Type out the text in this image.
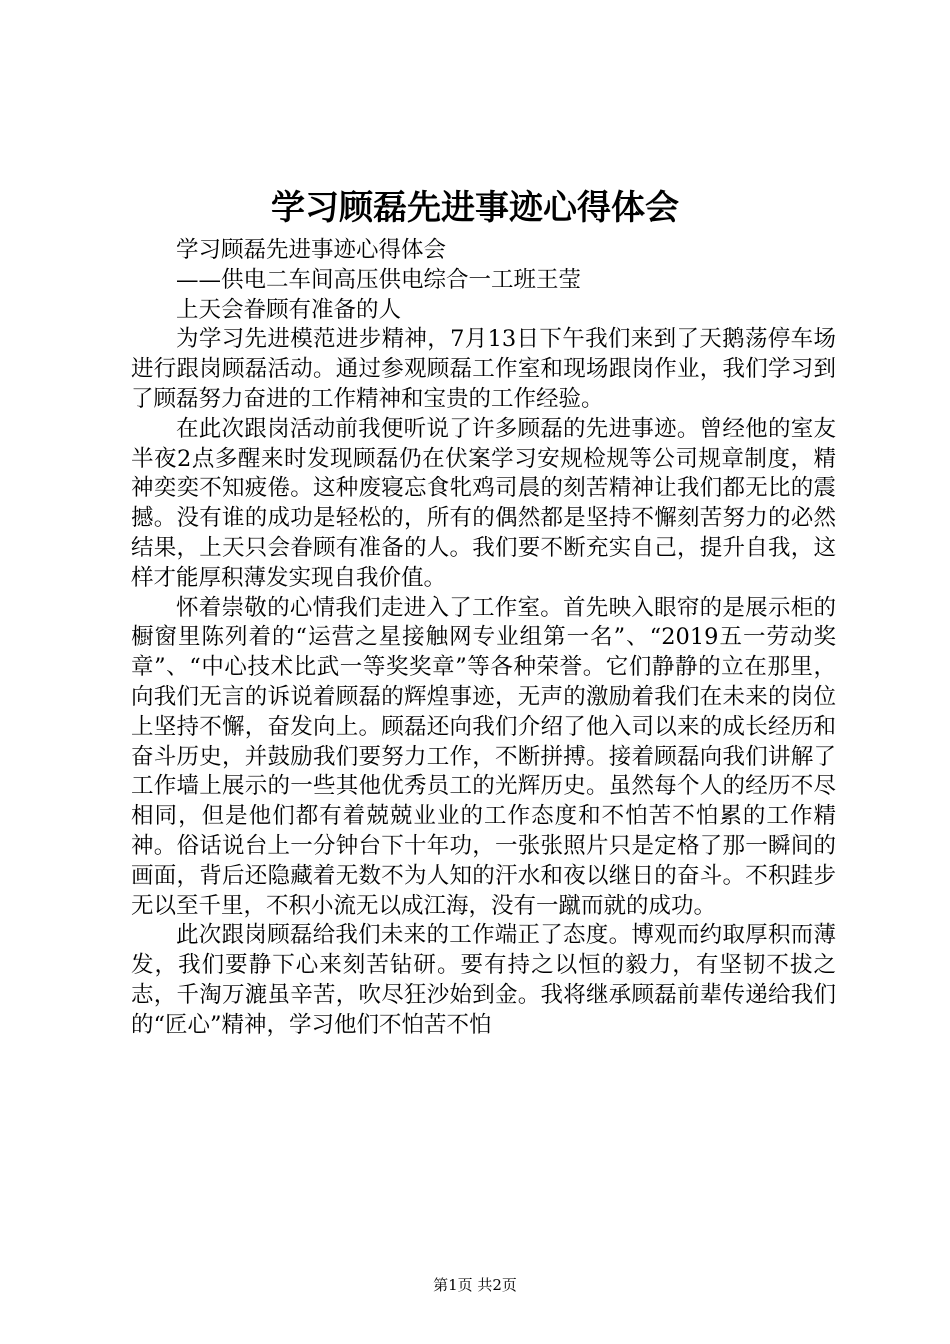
学习顾磊先进事迹心得体会

学习顾磊先进事迹心得体会

——供电二车间高压供电综合一工班王莹

上天会眷顾有准备的人

为学习先进模范进步精神，7月13日下午我们来到了天鹅荡停车场进行跟岗顾磊活动。通过参观顾磊工作室和现场跟岗作业，我们学习到了顾磊努力奋进的工作精神和宝贵的工作经验。

在此次跟岗活动前我便听说了许多顾磊的先进事迹。曾经他的室友半夜2点多醒来时发现顾磊仍在伏案学习安规检规等公司规章制度，精神奕奕不知疲倦。这种废寝忘食牝鸡司晨的刻苦精神让我们都无比的震撼。没有谁的成功是轻松的，所有的偶然都是坚持不懈刻苦努力的必然结果，上天只会眷顾有准备的人。我们要不断充实自己，提升自我，这样才能厚积薄发实现自我价值。

怀着崇敬的心情我们走进入了工作室。首先映入眼帘的是展示柜的橱窗里陈列着的“运营之星接触网专业组第一名”、“2019五一劳动奖章”、“中心技术比武一等奖奖章”等各种荣誉。它们静静的立在那里，向我们无言的诉说着顾磊的辉煌事迹，无声的激励着我们在未来的岗位上坚持不懈，奋发向上。顾磊还向我们介绍了他入司以来的成长经历和奋斗历史，并鼓励我们要努力工作，不断拼搏。接着顾磊向我们讲解了工作墙上展示的一些其他优秀员工的光辉历史。虽然每个人的经历不尽相同，但是他们都有着兢兢业业的工作态度和不怕苦不怕累的工作精神。俗话说台上一分钟台下十年功，一张张照片只是定格了那一瞬间的画面，背后还隐藏着无数不为人知的汗水和夜以继日的奋斗。不积跬步无以至千里，不积小流无以成江海，没有一蹴而就的成功。

此次跟岗顾磊给我们未来的工作端正了态度。博观而约取厚积而薄发，我们要静下心来刻苦钻研。要有持之以恒的毅力，有坚韧不拔之志，千淘万漉虽辛苦，吹尽狂沙始到金。我将继承顾磊前辈传递给我们的“匠心”精神，学习他们不怕苦不怕

第1页 共2页
